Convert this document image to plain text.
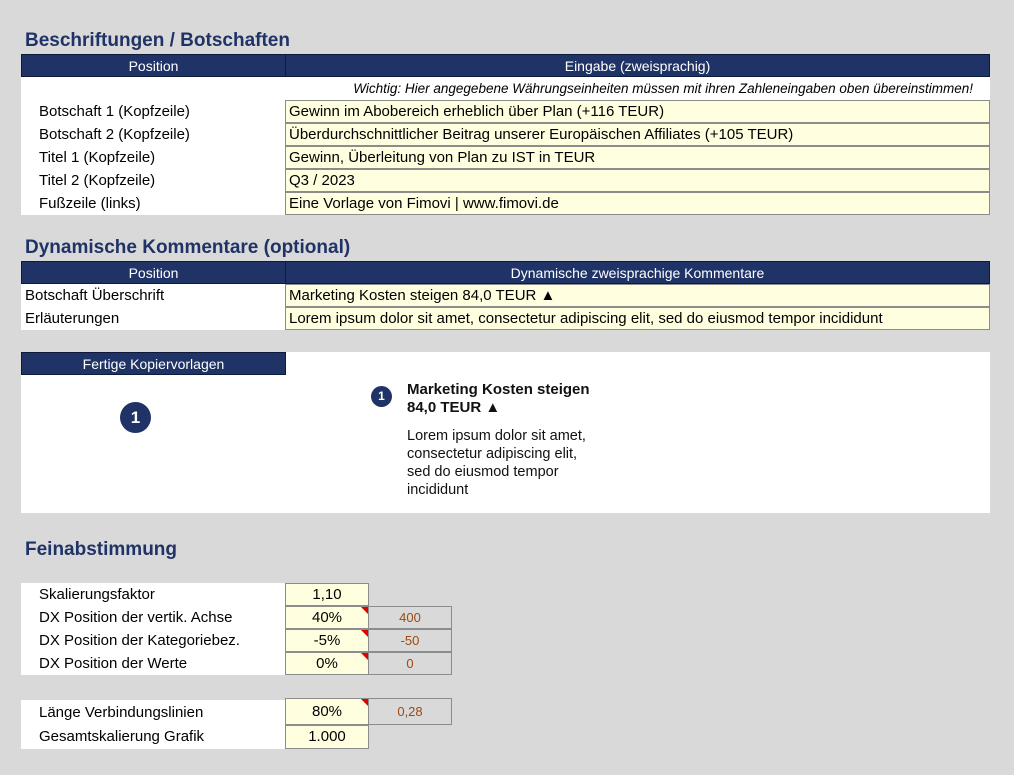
Beschriftungen / Botschaften
Position	Eingabe (zweisprachig)
Wichtig: Hier angegebene Währungseinheiten müssen mit ihren Zahleneingaben oben übereinstimmen!
Botschaft 1 (Kopfzeile)	Gewinn im Abobereich erheblich über Plan (+116 TEUR)
Botschaft 2 (Kopfzeile)	Überdurchschnittlicher Beitrag unserer Europäischen Affiliates (+105 TEUR)
Titel 1 (Kopfzeile)	Gewinn, Überleitung von Plan zu IST in TEUR
Titel 2 (Kopfzeile)	Q3 / 2023
Fußzeile (links)	Eine Vorlage von Fimovi | www.fimovi.de
Dynamische Kommentare (optional)
Position	Dynamische zweisprachige Kommentare
Botschaft Überschrift	Marketing Kosten steigen 84,0 TEUR ▲
Erläuterungen	Lorem ipsum dolor sit amet, consectetur adipiscing elit, sed do eiusmod tempor incididunt
Fertige Kopiervorlagen
1
1	Marketing Kosten steigen
84,0 TEUR ▲
Lorem ipsum dolor sit amet,
consectetur adipiscing elit,
sed do eiusmod tempor
incididunt
Feinabstimmung
Skalierungsfaktor	1,10
DX Position der vertik. Achse	40%	400
DX Position der Kategoriebez.	-5%	-50
DX Position der Werte	0%	0
Länge Verbindungslinien	80%	0,28
Gesamtskalierung Grafik	1.000
